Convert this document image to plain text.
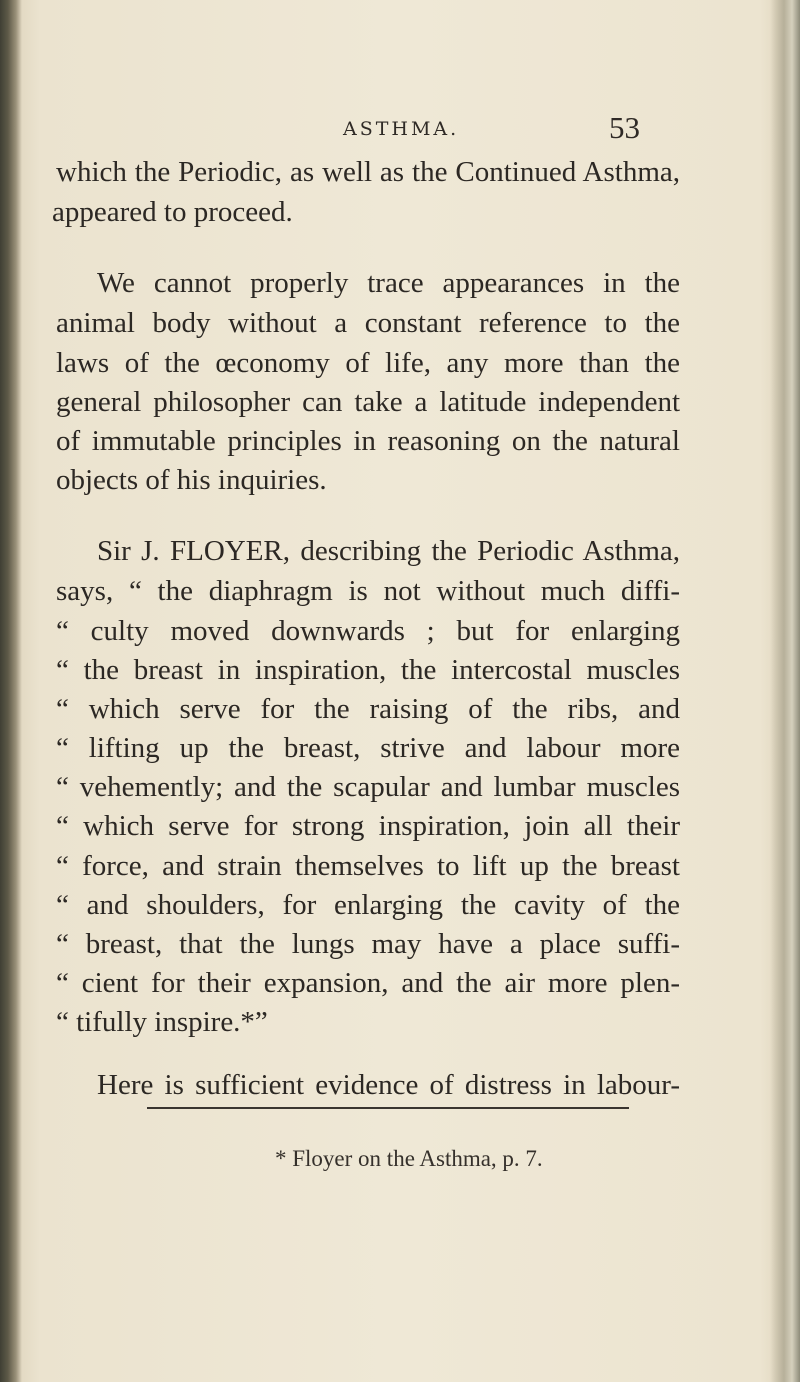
ASTHMA.	53
which the Periodic, as well as the Continued Asthma,
appeared to proceed.
We cannot properly trace appearances in the
animal body without a constant reference to the
laws of the œconomy of life, any more than the
general philosopher can take a latitude independent
of immutable principles in reasoning on the natural
objects of his inquiries.
Sir J. FLOYER, describing the Periodic Asthma,
says, “ the diaphragm is not without much diffi-
“ culty moved downwards ; but for enlarging
“ the breast in inspiration, the intercostal muscles
“ which serve for the raising of the ribs, and
“ lifting up the breast, strive and labour more
“ vehemently; and the scapular and lumbar muscles
“ which serve for strong inspiration, join all their
“ force, and strain themselves to lift up the breast
“ and shoulders, for enlarging the cavity of the
“ breast, that the lungs may have a place suffi-
“ cient for their expansion, and the air more plen-
“ tifully inspire.*”
Here is sufficient evidence of distress in labour-
* Floyer on the Asthma, p. 7.
